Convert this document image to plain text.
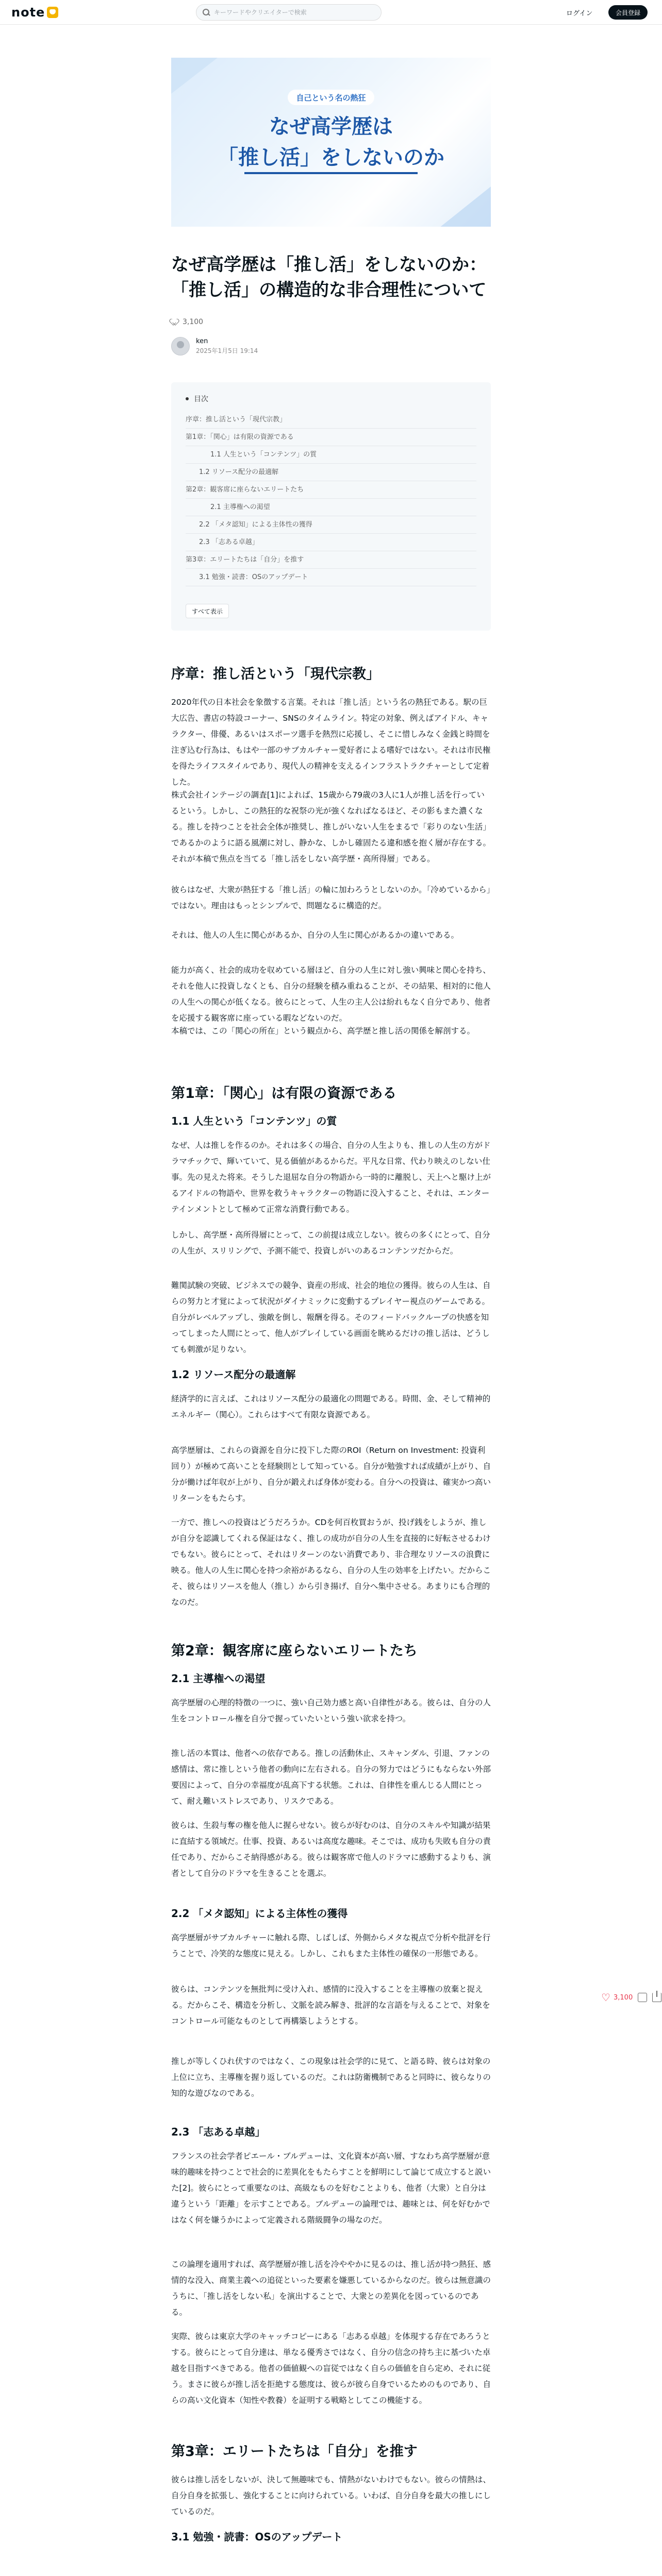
note
キーワードやクリエイターで検索	ログイン	会員登録
自己という名の熱狂
なぜ高学歴は
「推し活」をしないのか
なぜ高学歴は「推し活」をしないのか：「推し活」の構造的な非合理性について
3,100
ken
2025年1月5日 19:14
目次
序章：推し活という「現代宗教」
第1章：「関心」は有限の資源である
1.1 人生という「コンテンツ」の質
1.2 リソース配分の最適解
第2章：観客席に座らないエリートたち
2.1 主導権への渇望
2.2 「メタ認知」による主体性の獲得
2.3 「志ある卓越」
第3章：エリートたちは「自分」を推す
3.1 勉強・読書：OSのアップデート
すべて表示
序章：推し活という「現代宗教」

2020年代の日本社会を象徴する言葉。それは「推し活」という名の熱狂である。駅の巨大広告、書店の特設コーナー、SNSのタイムライン。特定の対象、例えばアイドル、キャラクター、俳優、あるいはスポーツ選手を熱烈に応援し、そこに惜しみなく金銭と時間を注ぎ込む行為は、もはや一部のサブカルチャー愛好者による嗜好ではない。それは市民権を得たライフスタイルであり、現代人の精神を支えるインフラストラクチャーとして定着した。

株式会社インテージの調査[1]によれば、15歳から79歳の3人に1人が推し活を行っているという。しかし、この熱狂的な祝祭の光が強くなればなるほど、その影もまた濃くなる。推しを持つことを社会全体が推奨し、推しがいない人生をまるで「彩りのない生活」であるかのように語る風潮に対し、静かな、しかし確固たる違和感を抱く層が存在する。それが本稿で焦点を当てる「推し活をしない高学歴・高所得層」である。

彼らはなぜ、大衆が熱狂する「推し活」の輪に加わろうとしないのか。「冷めているから」ではない。理由はもっとシンプルで、問題なるに構造的だ。

それは、他人の人生に関心があるか、自分の人生に関心があるかの違いである。

能力が高く、社会的成功を収めている層ほど、自分の人生に対し強い興味と関心を持ち、それを他人に投資しなくとも、自分の経験を積み重ねることが、その結果、相対的に他人の人生への関心が低くなる。彼らにとって、人生の主人公は紛れもなく自分であり、他者を応援する観客席に座っている暇などないのだ。

本稿では、この「関心の所在」という観点から、高学歴と推し活の関係を解剖する。

第1章：「関心」は有限の資源である
1.1 人生という「コンテンツ」の質

なぜ、人は推しを作るのか。それは多くの場合、自分の人生よりも、推しの人生の方がドラマチックで、輝いていて、見る価値があるからだ。平凡な日常、代わり映えのしない仕事。先の見えた将来。そうした退屈な自分の物語から一時的に離脱し、天上へと駆け上がるアイドルの物語や、世界を救うキャラクターの物語に没入すること、それは、エンターテインメントとして極めて正常な消費行動である。

しかし、高学歴・高所得層にとって、この前提は成立しない。彼らの多くにとって、自分の人生が、スリリングで、予測不能で、投資しがいのあるコンテンツだからだ。

難関試験の突破、ビジネスでの競争、資産の形成、社会的地位の獲得。彼らの人生は、自らの努力と才覚によって状況がダイナミックに変動するプレイヤー視点のゲームである。自分がレベルアップし、強敵を倒し、報酬を得る。そのフィードバックループの快感を知ってしまった人間にとって、他人がプレイしている画面を眺めるだけの推し活は、どうしても刺激が足りない。

1.2 リソース配分の最適解

経済学的に言えば、これはリソース配分の最適化の問題である。時間、金、そして精神的エネルギー（関心）。これらはすべて有限な資源である。

高学歴層は、これらの資源を自分に投下した際のROI（Return on Investment: 投資利回り）が極めて高いことを経験則として知っている。自分が勉強すれば成績が上がり、自分が働けば年収が上がり、自分が鍛えれば身体が変わる。自分への投資は、確実かつ高いリターンをもたらす。

一方で、推しへの投資はどうだろうか。CDを何百枚買おうが、投げ銭をしようが、推しが自分を認識してくれる保証はなく、推しの成功が自分の人生を直接的に好転させるわけでもない。彼らにとって、それはリターンのない消費であり、非合理なリソースの浪費に映る。他人の人生に関心を持つ余裕があるなら、自分の人生の効率を上げたい。だからこそ、彼らはリソースを他人（推し）から引き揚げ、自分へ集中させる。あまりにも合理的なのだ。

第2章：観客席に座らないエリートたち
2.1 主導権への渇望

高学歴層の心理的特徴の一つに、強い自己効力感と高い自律性がある。彼らは、自分の人生をコントロール権を自分で握っていたいという強い欲求を持つ。

推し活の本質は、他者への依存である。推しの活動休止、スキャンダル、引退、ファンの感情は、常に推しという他者の動向に左右される。自分の努力ではどうにもならない外部要因によって、自分の幸福度が乱高下する状態。これは、自律性を重んじる人間にとって、耐え難いストレスであり、リスクである。

彼らは、生殺与奪の権を他人に握らせない。彼らが好むのは、自分のスキルや知識が結果に直結する領域だ。仕事、投資、あるいは高度な趣味。そこでは、成功も失敗も自分の責任であり、だからこそ納得感がある。彼らは観客席で他人のドラマに感動するよりも、演者として自分のドラマを生きることを選ぶ。

2.2 「メタ認知」による主体性の獲得

高学歴層がサブカルチャーに触れる際、しばしば、外側からメタな視点で分析や批評を行うことで、冷笑的な態度に見える。しかし、これもまた主体性の確保の一形態である。

彼らは、コンテンツを無批判に受け入れ、感情的に没入することを主導権の放棄と捉える。だからこそ、構造を分析し、文脈を読み解き、批評的な言語を与えることで、対象をコントロール可能なものとして再構築しようとする。

推しが等しくひれ伏すのではなく、この現象は社会学的に見て、と語る時、彼らは対象の上位に立ち、主導権を握り返しているのだ。これは防衛機制であると同時に、彼らなりの知的な遊びなのである。

2.3 「志ある卓越」

フランスの社会学者ピエール・ブルデューは、文化資本が高い層、すなわち高学歴層が意味的趣味を持つことで社会的に差異化をもたらすことを鮮明にして論じて成立すると説いた[2]。彼らにとって重要なのは、高級なものを好むことよりも、他者（大衆）と自分は違うという「距離」を示すことである。ブルデューの論理では、趣味とは、何を好むかではなく何を嫌うかによって定義される階級闘争の場なのだ。

この論理を適用すれば、高学歴層が推し活を冷ややかに見るのは、推し活が持つ熱狂、感情的な没入、商業主義への追従といった要素を嫌悪しているからなのだ。彼らは無意識のうちに、「推し活をしない私」を演出することで、大衆との差異化を図っているのである。

実際、彼らは東京大学のキャッチコピーにある「志ある卓越」を体現する存在であろうとする。彼らにとって自分達は、単なる優秀さではなく、自分の信念の持ち主に基づいた卓越を目指すべきである。他者の価値観への盲従ではなく自らの価値を自ら定め、それに従う。まさに彼らが推し活を拒絶する態度は、彼らが彼ら自身でいるためのものであり、自らの高い文化資本（知性や教養）を証明する戦略としてこの機能する。

第3章：エリートたちは「自分」を推す

彼らは推し活をしないが、決して無趣味でも、情熱がないわけでもない。彼らの情熱は、自分自身を拡張し、強化することに向けられている。いわば、自分自身を最大の推しにしているのだ。

3.1 勉強・読書：OSのアップデート
♡
3,100
